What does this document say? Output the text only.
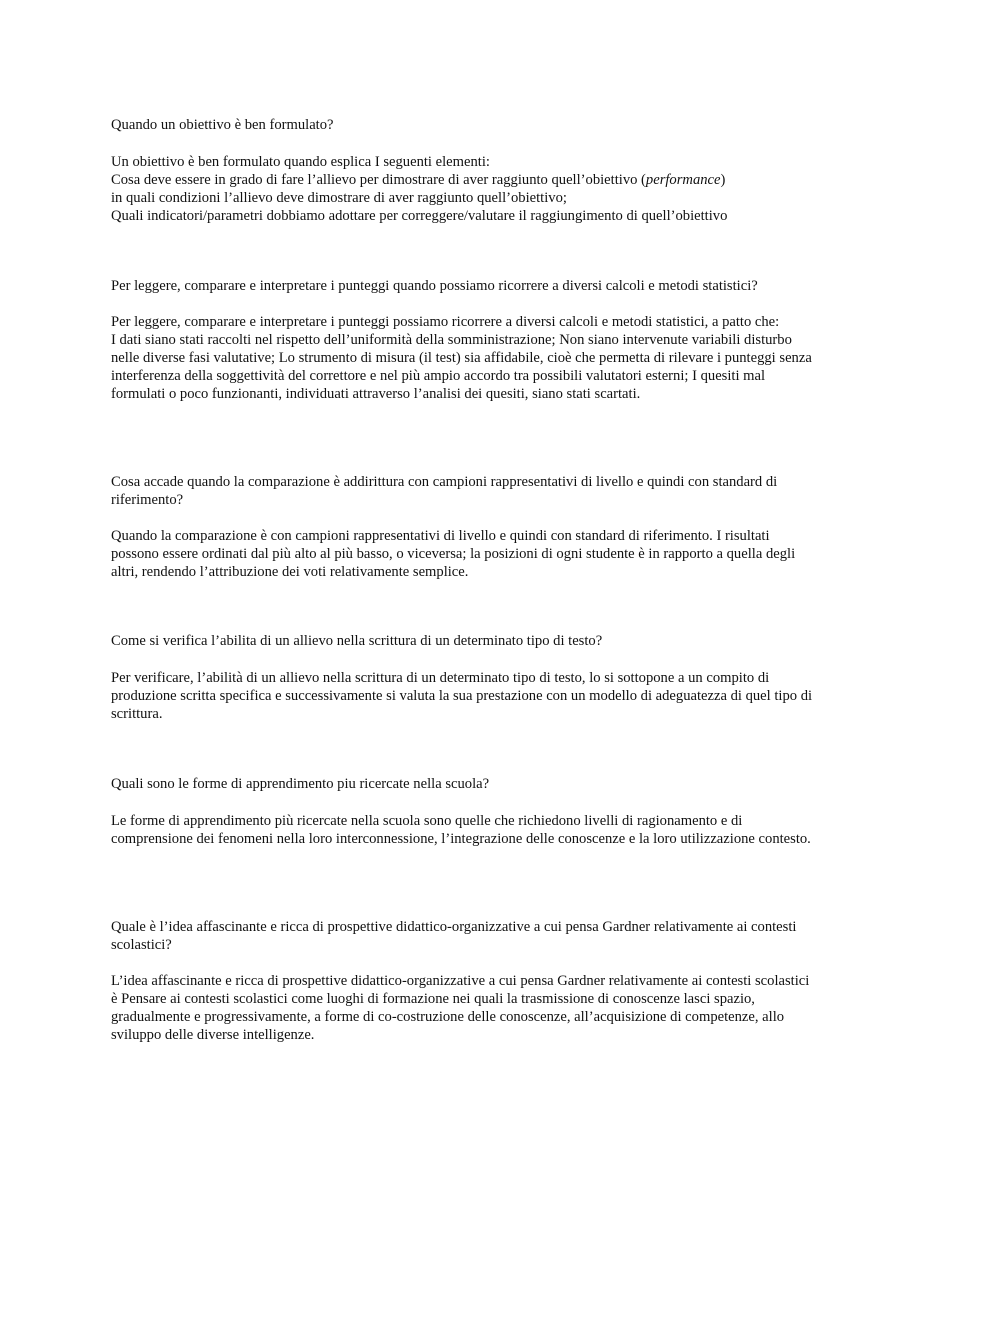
Quando un obiettivo è ben formulato?

Un obiettivo è ben formulato quando esplica I seguenti elementi:
Cosa deve essere in grado di fare l’allievo per dimostrare di aver raggiunto quell’obiettivo (performance)
in quali condizioni l’allievo deve dimostrare di aver raggiunto quell’obiettivo;
Quali indicatori/parametri dobbiamo adottare per correggere/valutare il raggiungimento di quell’obiettivo

Per leggere, comparare e interpretare i punteggi quando possiamo ricorrere a diversi calcoli e metodi statistici?

Per leggere, comparare e interpretare i punteggi possiamo ricorrere a diversi calcoli e metodi statistici, a patto che:
I dati siano stati raccolti nel rispetto dell’uniformità della somministrazione; Non siano intervenute variabili disturbo
nelle diverse fasi valutative; Lo strumento di misura (il test) sia affidabile, cioè che permetta di rilevare i punteggi senza
interferenza della soggettività del correttore e nel più ampio accordo tra possibili valutatori esterni; I quesiti mal
formulati o poco funzionanti, individuati attraverso l’analisi dei quesiti, siano stati scartati.

Cosa accade quando la comparazione è addirittura con campioni rappresentativi di livello e quindi con standard di
riferimento?

Quando la comparazione è con campioni rappresentativi di livello e quindi con standard di riferimento. I risultati
possono essere ordinati dal più alto al più basso, o viceversa; la posizioni di ogni studente è in rapporto a quella degli
altri, rendendo l’attribuzione dei voti relativamente semplice.

Come si verifica l’abilita di un allievo nella scrittura di un determinato tipo di testo?

Per verificare, l’abilità di un allievo nella scrittura di un determinato tipo di testo, lo si sottopone a un compito di
produzione scritta specifica e successivamente si valuta la sua prestazione con un modello di adeguatezza di quel tipo di
scrittura.

Quali sono le forme di apprendimento piu ricercate nella scuola?

Le forme di apprendimento più ricercate nella scuola sono quelle che richiedono livelli di ragionamento e di
comprensione dei fenomeni nella loro interconnessione, l’integrazione delle conoscenze e la loro utilizzazione contesto.

Quale è l’idea affascinante e ricca di prospettive didattico-organizzative a cui pensa Gardner relativamente ai contesti
scolastici?

L’idea affascinante e ricca di prospettive didattico-organizzative a cui pensa Gardner relativamente ai contesti scolastici
è Pensare ai contesti scolastici come luoghi di formazione nei quali la trasmissione di conoscenze lasci spazio,
gradualmente e progressivamente, a forme di co-costruzione delle conoscenze, all’acquisizione di competenze, allo
sviluppo delle diverse intelligenze.
